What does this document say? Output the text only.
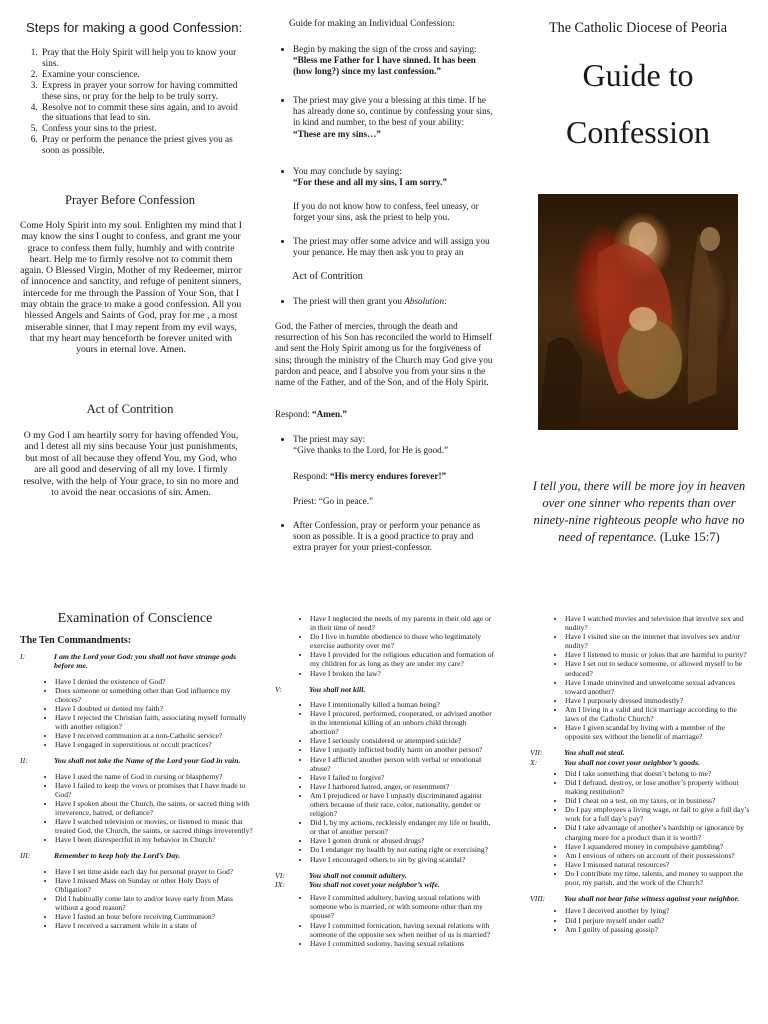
Steps for making a good Confession:
1. Pray that the Holy Spirit will help you to know your sins.
2. Examine your conscience.
3. Express in prayer your sorrow for having committed these sins, or pray for the help to be truly sorry.
4. Resolve not to commit these sins again, and to avoid the situations that lead to sin.
5. Confess your sins to the priest.
6. Pray or perform the penance the priest gives you as soon as possible.
Prayer Before Confession
Come Holy Spirit into my soul. Enlighten my mind that I may know the sins I ought to confess, and grant me your grace to confess them fully, humbly and with contrite heart. Help me to firmly resolve not to commit them again. O Blessed Virgin, Mother of my Redeemer, mirror of innocence and sanctity, and refuge of penitent sinners, intercede for me through the Passion of Your Son, that I may obtain the grace to make a good confession. All you blessed Angels and Saints of God, pray for me , a most miserable sinner, that I may repent from my evil ways, that my heart may henceforth be forever united with yours in eternal love. Amen.
Act of Contrition
O my God I am heartily sorry for having offended You, and I detest all my sins because Your just punishments, but most of all because they offend You, my God, who are all good and deserving of all my love. I firmly resolve, with the help of Your grace, to sin no more and to avoid the near occasions of sin. Amen.
Guide for making an Individual Confession:
• Begin by making the sign of the cross and saying:
“Bless me Father for I have sinned. It has been (how long?) since my last confession.”
• The priest may give you a blessing at this time. If he has already done so, continue by confessing your sins, in kind and number, to the best of your ability:
“These are my sins…”
• You may conclude by saying:
“For these and all my sins, I am sorry.”
If you do not know how to confess, feel uneasy, or forget your sins, ask the priest to help you.
• The priest may offer some advice and will assign you your penance. He may then ask you to pray an
Act of Contrition
• The priest will then grant you Absolution:
God, the Father of mercies, through the death and resurrection of his Son has reconciled the world to Himself and sent the Holy Spirit among us for the forgiveness of sins; through the ministry of the Church may God give you pardon and peace, and I absolve you from your sins n the name of the Father, and of the Son, and of the Holy Spirit.
Respond: “Amen.”
• The priest may say:
“Give thanks to the Lord, for He is good.”
Respond: “His mercy endures forever!”
Priest: “Go in peace.”
• After Confession, pray or perform your penance as soon as possible. It is a good practice to pray and extra prayer for your priest-confessor.
The Catholic Diocese of Peoria
Guide to
Confession
I tell you, there will be more joy in heaven over one sinner who repents than over ninety-nine righteous people who have no need of repentance. (Luke 15:7)
Examination of Conscience
The Ten Commandments:
I:	I am the Lord your God: you shall not have strange gods before me.
• Have I denied the existence of God?
• Does someone or something other than God influence my choices?
• Have I doubted or denied my faith?
• Have I rejected the Christian faith, associating myself formally with another religion?
• Have I received communion at a non-Catholic service?
• Have I engaged in superstitious or occult practices?
II:	You shall not take the Name of the Lord your God in vain.
• Have I used the name of God in cursing or blasphemy?
• Have I failed to keep the vows or promises that I have made to God?
• Have I spoken about the Church, the saints, or sacred thing with irreverence, hatred, or defiance?
• Have I watched television or movies, or listened to music that treated God, the Church, the saints, or sacred things irreverently?
• Have I been disrespectful in my behavior in Church?
III:	Remember to keep holy the Lord’s Day.
• Have I set time aside each day for personal prayer to God?
• Have I missed Mass on Sunday or other Holy Days of Obligation?
• Did I habitually come late to and/or leave early from Mass without a good reason?
• Have I fasted an hour before receiving Communion?
• Have I received a sacrament while in a state of
• Have I neglected the needs of my parents in their old age or in their time of need?
• Do I live in humble obedience to those who legitimately exercise authority over me?
• Have I provided for the religious education and formation of my children for as long as they are under my care?
• Have I broken the law?
V:	You shall not kill.
• Have I intentionally killed a human being?
• Have I procured, performed, cooperated, or advised another in the intentional killing of an unborn child through abortion?
• Have I seriously considered or attempted suicide?
• Have I unjustly inflicted bodily harm on another person?
• Have I afflicted another person with verbal or emotional abuse?
• Have I failed to forgive?
• Have I harbored hatred, anger, or resentment?
• Am I prejudiced or have I unjustly discriminated against others because of their race, color, nationality, gender or religion?
• Did I, by my actions, recklessly endanger my life or health, or that of another person?
• Have I gotten drunk or abused drugs?
• Do I endanger my health by not eating right or exercising?
• Have I encouraged others to sin by giving scandal?
VI:	You shall not commit adultery.
IX:	You shall not covet your neighbor’s wife.
• Have I committed adultery, having sexual relations with someone who is married, or with someone other than my spouse?
• Have I committed fornication, having sexual relations with someone of the opposite sex when neither of us is married?
• Have I committed sodomy, having sexual relations
• Have I watched movies and television that involve sex and nudity?
• Have I visited site on the internet that involves sex and/or nudity?
• Have I listened to music or jokes that are harmful to purity?
• Have I set out to seduce someone, or allowed myself to be seduced?
• Have I made uninvited and unwelcome sexual advances toward another?
• Have I purposely dressed immodestly?
• Am I living in a valid and licit marriage according to the laws of the Catholic Church?
• Have I given scandal by living with a member of the opposite sex without the benefit of marriage?
VII:	You shall not steal.
X:	You shall not covet your neighbor’s goods.
• Did I take something that doesn’t belong to me?
• Did I defraud, destroy, or lose another’s property without making restitution?
• Did I cheat on a test, on my taxes, or in business?
• Do I pay employees a living wage, or fail to give a full day’s work for a full day’s pay?
• Did I take advantage of another’s hardship or ignorance by charging more for a product than it is worth?
• Have I squandered money in compulsive gambling?
• Am I envious of others on account of their possessions?
• Have I misused natural resources?
• Do I contribute my time, talents, and money to support the poor, my parish, and the work of the Church?
VIII:	You shall not bear false witness against your neighbor.
• Have I deceived another by lying?
• Did I perjure myself under oath?
• Am I guilty of passing gossip?
